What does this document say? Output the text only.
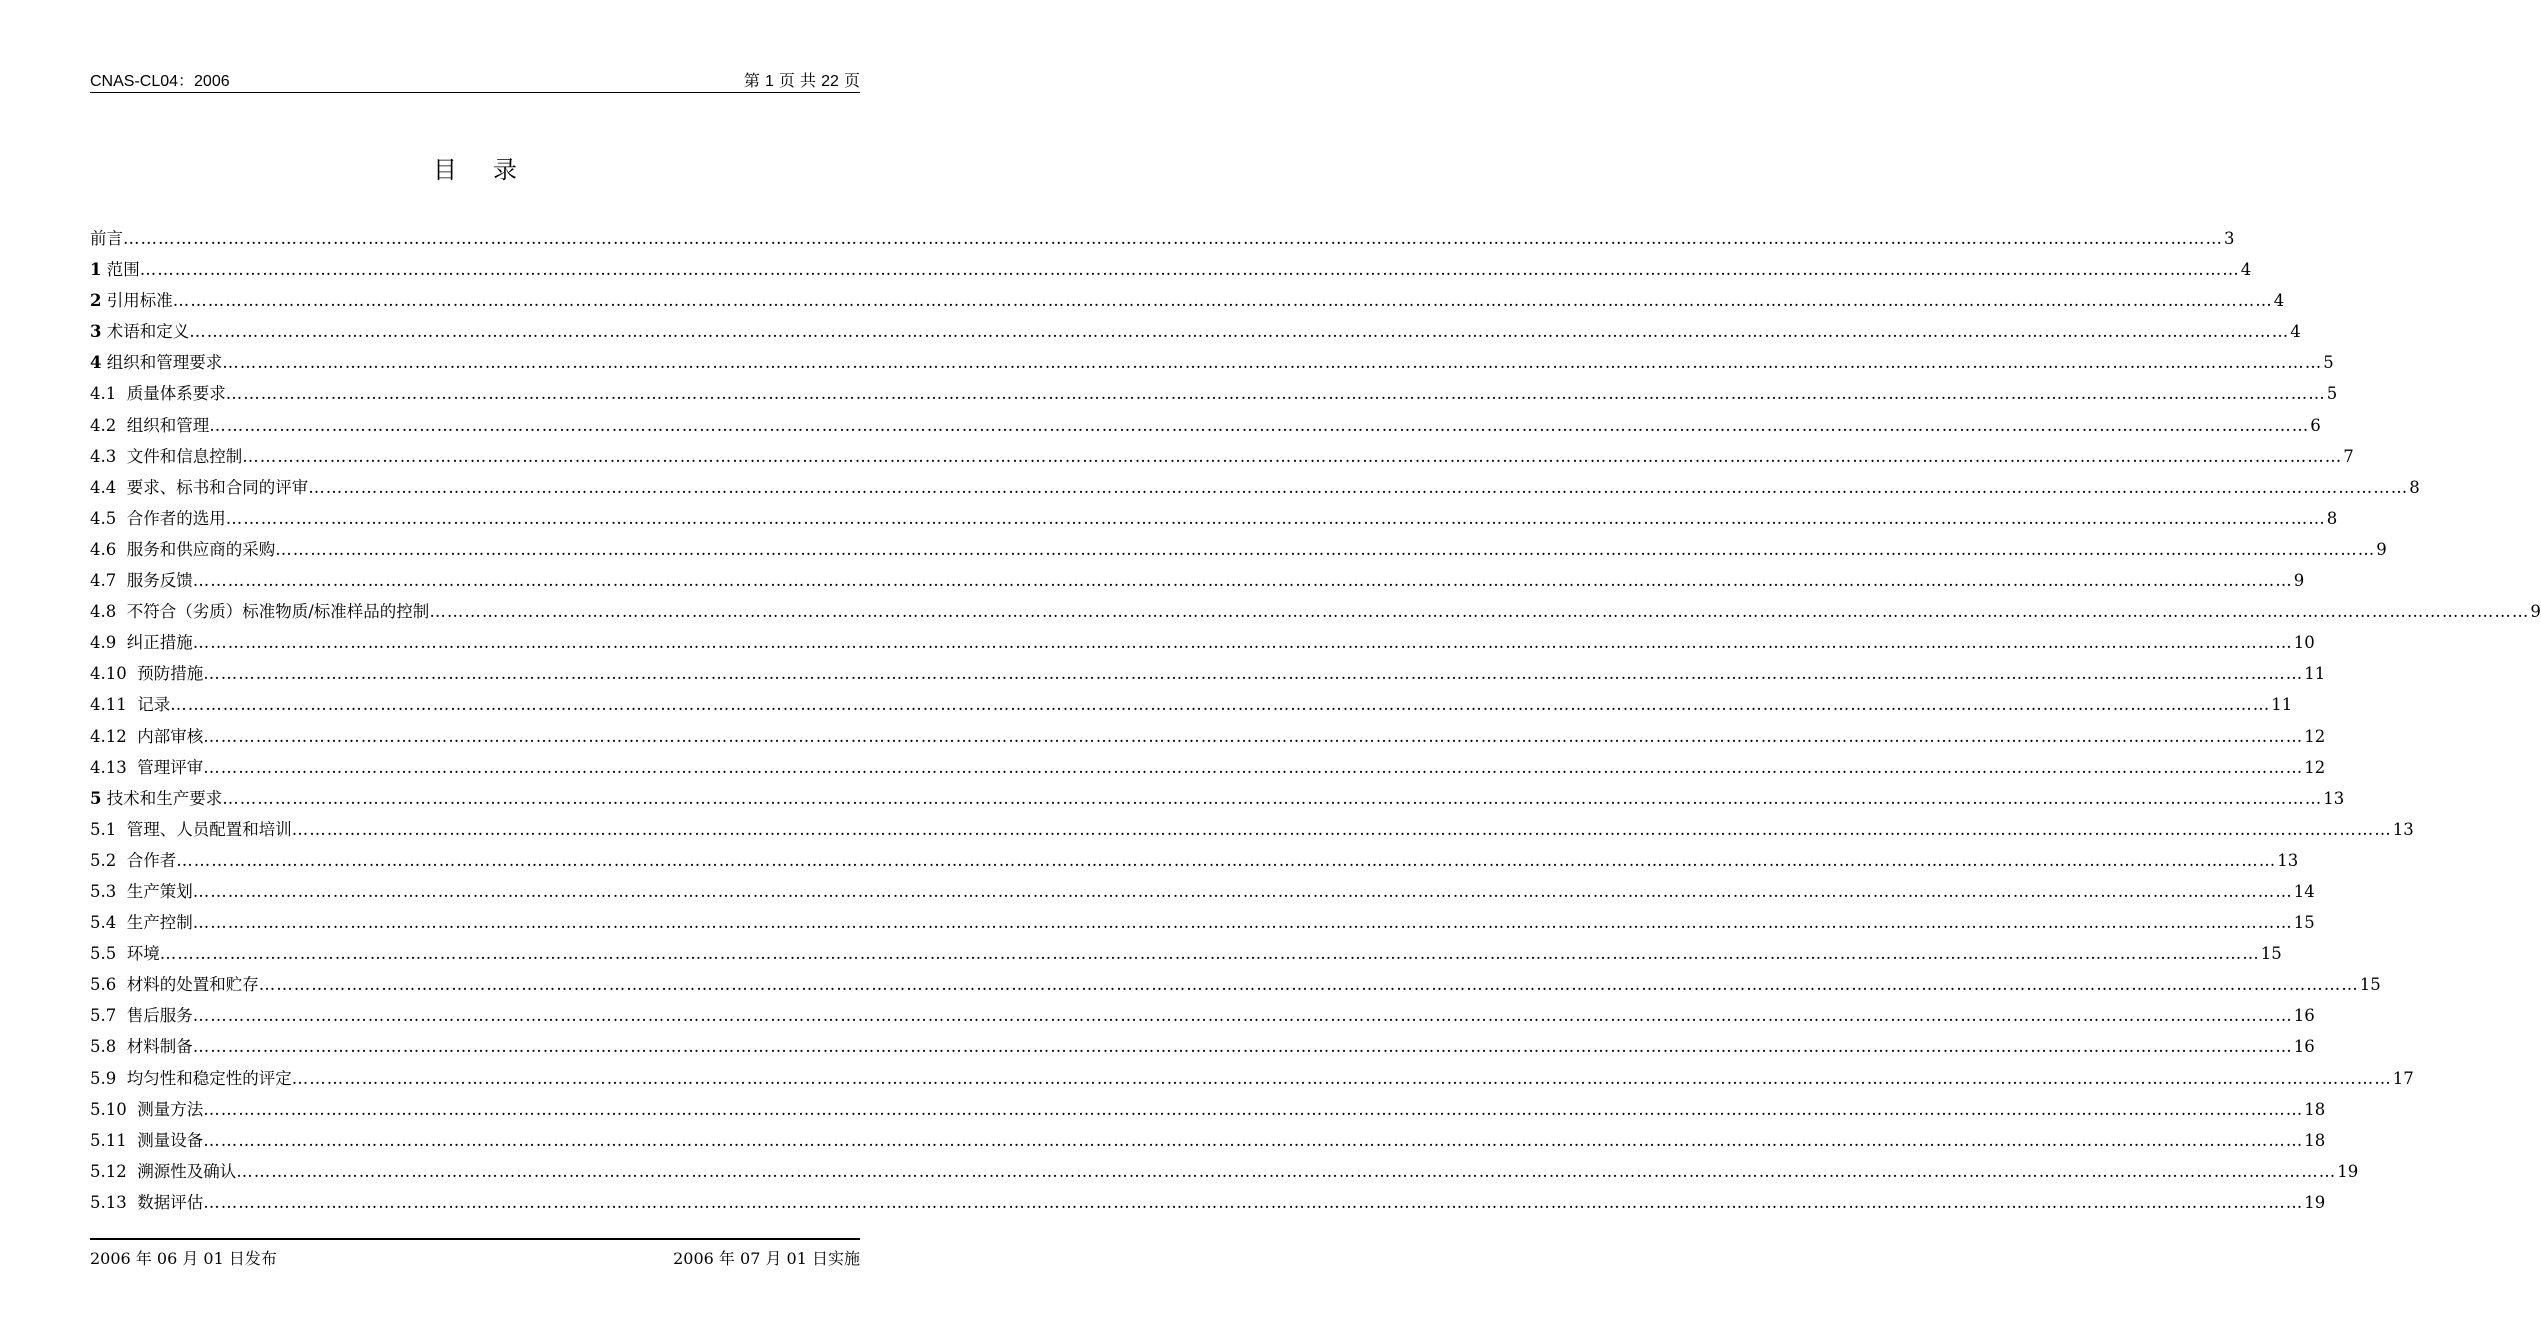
CNAS-CL04：2006	第 1 页 共 22 页
目录
前言 ……………………………………………………………………………………………………………………………………………………………………………………………………………………………………………………………………………………………………………………………… 3
1
范围 ……………………………………………………………………………………………………………………………………………………………………………………………………………………………………………………………………………………………………………………………… 4
2
引用标准 ……………………………………………………………………………………………………………………………………………………………………………………………………………………………………………………………………………………………………………………………… 4
3
术语和定义 ……………………………………………………………………………………………………………………………………………………………………………………………………………………………………………………………………………………………………………………………… 4
4
组织和管理要求 ……………………………………………………………………………………………………………………………………………………………………………………………………………………………………………………………………………………………………………………………… 5
4.1
质量体系要求 ……………………………………………………………………………………………………………………………………………………………………………………………………………………………………………………………………………………………………………………………… 5
4.2
组织和管理 ……………………………………………………………………………………………………………………………………………………………………………………………………………………………………………………………………………………………………………………………… 6
4.3
文件和信息控制 ……………………………………………………………………………………………………………………………………………………………………………………………………………………………………………………………………………………………………………………………… 7
4.4
要求、标书和合同的评审 ……………………………………………………………………………………………………………………………………………………………………………………………………………………………………………………………………………………………………………………………… 8
4.5
合作者的选用 ……………………………………………………………………………………………………………………………………………………………………………………………………………………………………………………………………………………………………………………………… 8
4.6
服务和供应商的采购 ……………………………………………………………………………………………………………………………………………………………………………………………………………………………………………………………………………………………………………………………… 9
4.7
服务反馈 ……………………………………………………………………………………………………………………………………………………………………………………………………………………………………………………………………………………………………………………………… 9
4.8
不符合（劣质）标准物质/标准样品的控制 ……………………………………………………………………………………………………………………………………………………………………………………………………………………………………………………………………………………………………………………………… 9
4.9
纠正措施 ……………………………………………………………………………………………………………………………………………………………………………………………………………………………………………………………………………………………………………………………… 10
4.10
预防措施 ……………………………………………………………………………………………………………………………………………………………………………………………………………………………………………………………………………………………………………………………… 11
4.11
记录 ……………………………………………………………………………………………………………………………………………………………………………………………………………………………………………………………………………………………………………………………… 11
4.12
内部审核 ……………………………………………………………………………………………………………………………………………………………………………………………………………………………………………………………………………………………………………………………… 12
4.13
管理评审 ……………………………………………………………………………………………………………………………………………………………………………………………………………………………………………………………………………………………………………………………… 12
5
技术和生产要求 ……………………………………………………………………………………………………………………………………………………………………………………………………………………………………………………………………………………………………………………………… 13
5.1
管理、人员配置和培训 ……………………………………………………………………………………………………………………………………………………………………………………………………………………………………………………………………………………………………………………………… 13
5.2
合作者 ……………………………………………………………………………………………………………………………………………………………………………………………………………………………………………………………………………………………………………………………… 13
5.3
生产策划 ……………………………………………………………………………………………………………………………………………………………………………………………………………………………………………………………………………………………………………………………… 14
5.4
生产控制 ……………………………………………………………………………………………………………………………………………………………………………………………………………………………………………………………………………………………………………………………… 15
5.5
环境 ……………………………………………………………………………………………………………………………………………………………………………………………………………………………………………………………………………………………………………………………… 15
5.6
材料的处置和贮存 ……………………………………………………………………………………………………………………………………………………………………………………………………………………………………………………………………………………………………………………………… 15
5.7
售后服务 ……………………………………………………………………………………………………………………………………………………………………………………………………………………………………………………………………………………………………………………………… 16
5.8
材料制备 ……………………………………………………………………………………………………………………………………………………………………………………………………………………………………………………………………………………………………………………………… 16
5.9
均匀性和稳定性的评定 ……………………………………………………………………………………………………………………………………………………………………………………………………………………………………………………………………………………………………………………………… 17
5.10
测量方法 ……………………………………………………………………………………………………………………………………………………………………………………………………………………………………………………………………………………………………………………………… 18
5.11
测量设备 ……………………………………………………………………………………………………………………………………………………………………………………………………………………………………………………………………………………………………………………………… 18
5.12
溯源性及确认 ……………………………………………………………………………………………………………………………………………………………………………………………………………………………………………………………………………………………………………………………… 19
5.13
数据评估 ……………………………………………………………………………………………………………………………………………………………………………………………………………………………………………………………………………………………………………………………… 19
2006 年 06 月 01 日发布	2006 年 07 月 01 日实施
